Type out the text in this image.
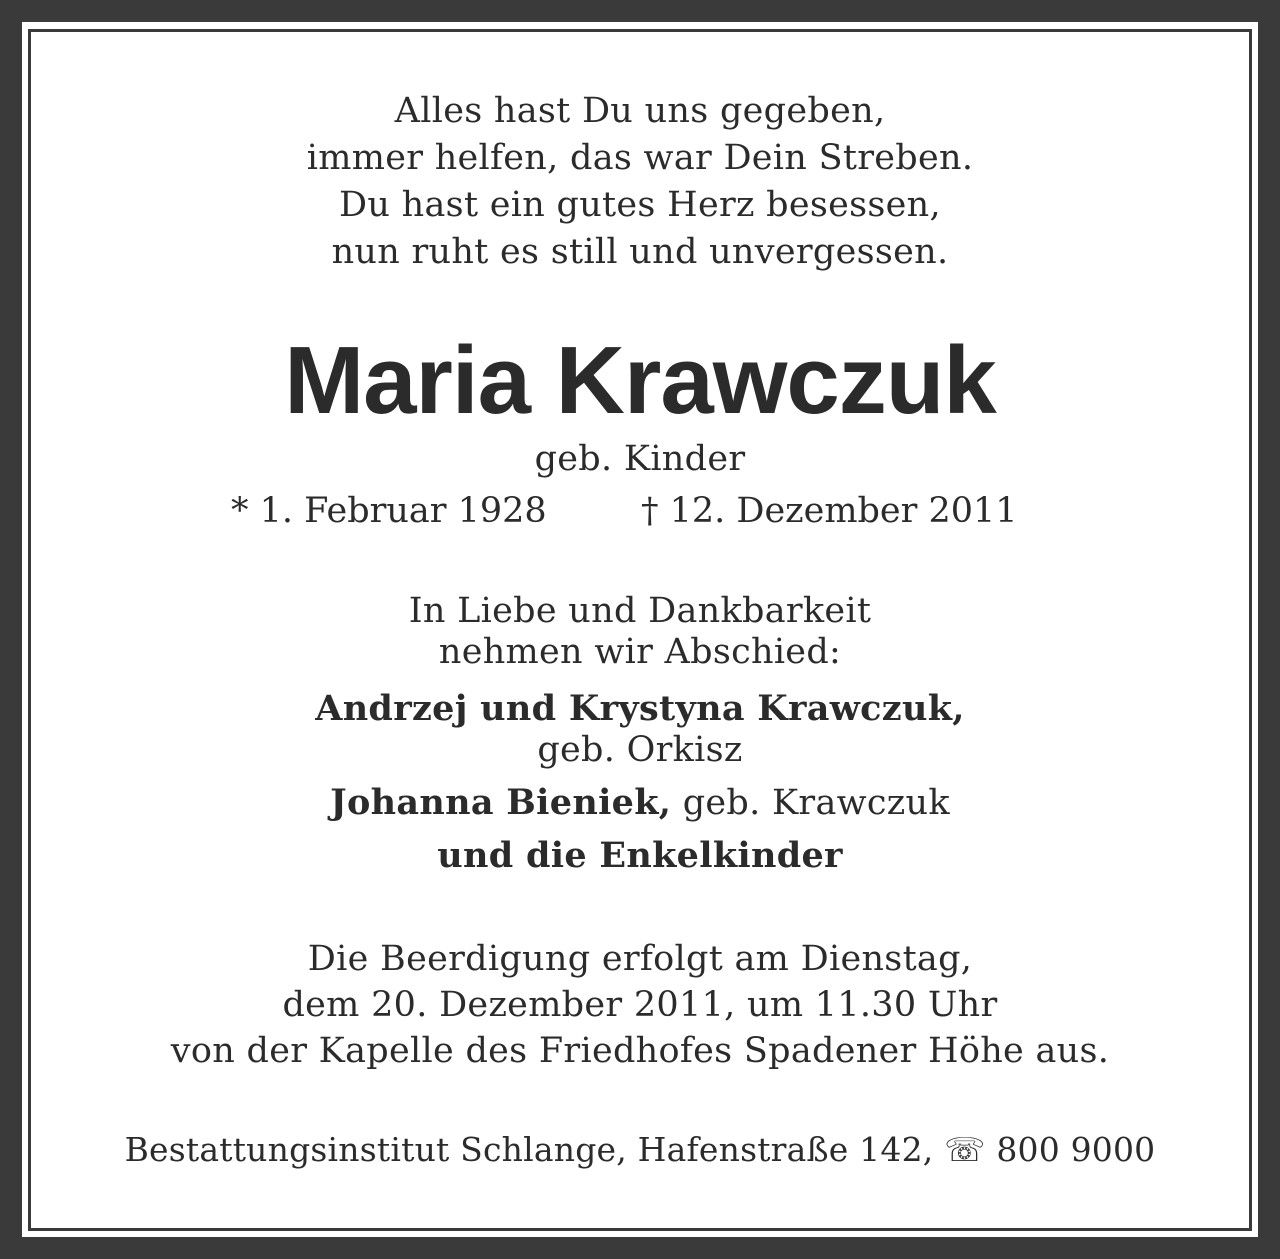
Alles hast Du uns gegeben,
immer helfen, das war Dein Streben.
Du hast ein gutes Herz besessen,
nun ruht es still und unvergessen.
Maria Krawczuk
geb. Kinder
* 1. Februar 1928	† 12. Dezember 2011
In Liebe und Dankbarkeit
nehmen wir Abschied:
Andrzej und Krystyna Krawczuk,
geb. Orkisz
Johanna Bieniek, geb. Krawczuk
und die Enkelkinder
Die Beerdigung erfolgt am Dienstag,
dem 20. Dezember 2011, um 11.30 Uhr
von der Kapelle des Friedhofes Spadener Höhe aus.
Bestattungsinstitut Schlange, Hafenstraße 142, ☏ 800 9000
